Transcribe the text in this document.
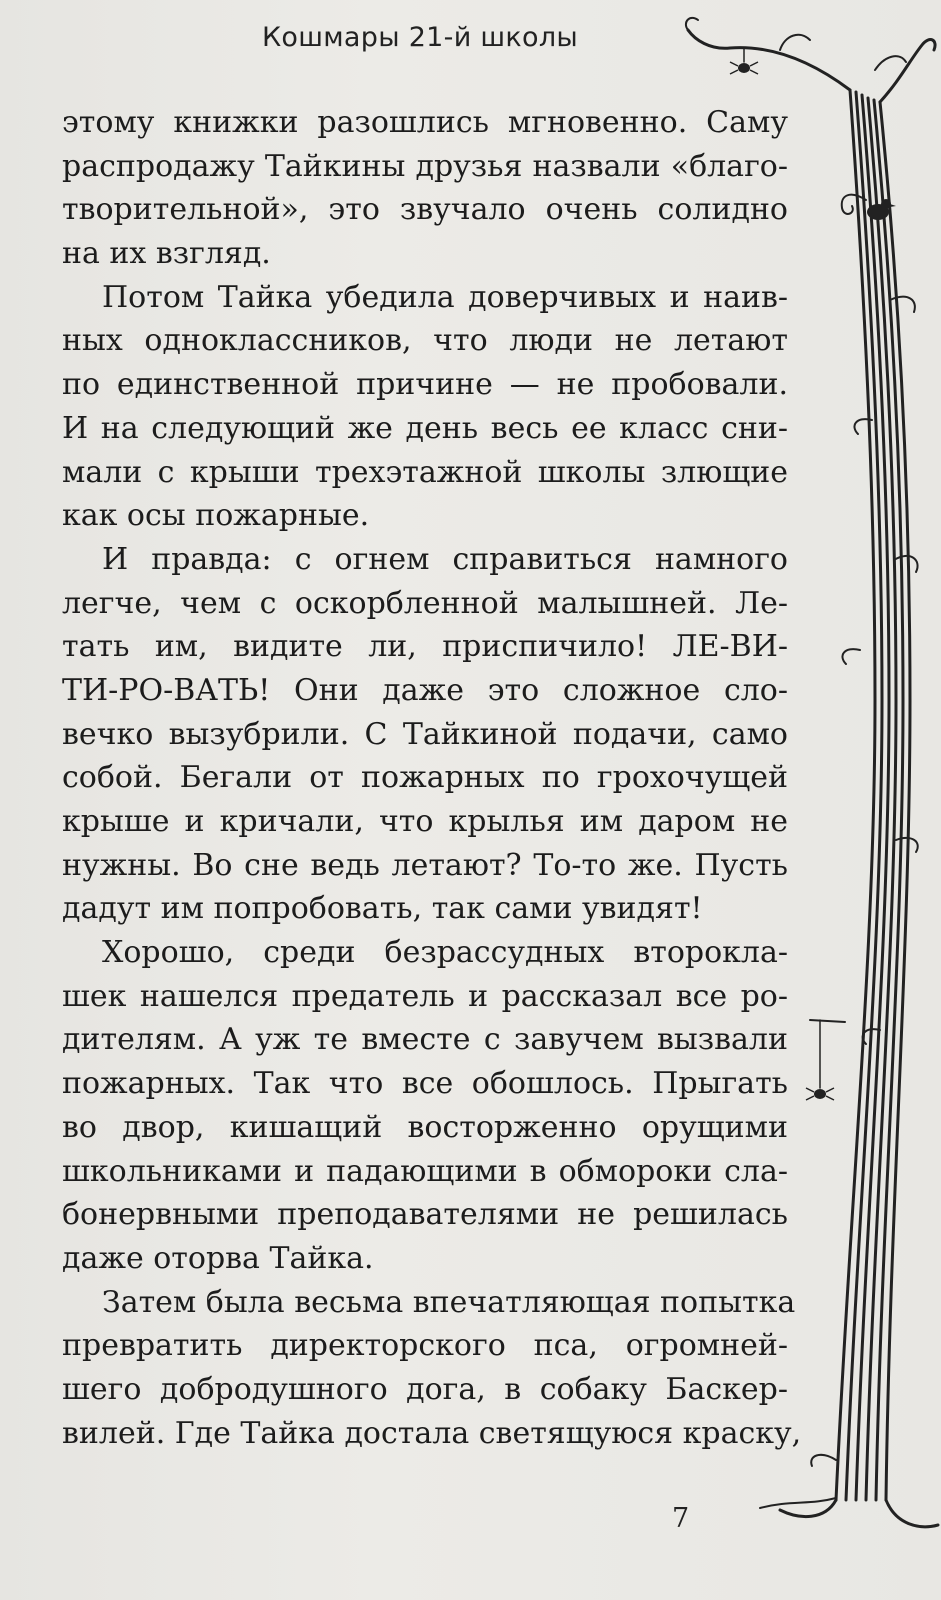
Кошмары 21-й школы
этому книжки разошлись мгновенно. Саму
распродажу Тайкины друзья назвали «благо-
творительной», это звучало очень солидно
на их взгляд.
Потом Тайка убедила доверчивых и наив-
ных одноклассников, что люди не летают
по единственной причине — не пробовали.
И на следующий же день весь ее класс сни-
мали с крыши трехэтажной школы злющие
как осы пожарные.
И правда: с огнем справиться намного
легче, чем с оскорбленной малышней. Ле-
тать им, видите ли, приспичило! ЛЕ-ВИ-
ТИ-РО-ВАТЬ! Они даже это сложное сло-
вечко вызубрили. С Тайкиной подачи, само
собой. Бегали от пожарных по грохочущей
крыше и кричали, что крылья им даром не
нужны. Во сне ведь летают? То-то же. Пусть
дадут им попробовать, так сами увидят!
Хорошо, среди безрассудных второкла-
шек нашелся предатель и рассказал все ро-
дителям. А уж те вместе с завучем вызвали
пожарных. Так что все обошлось. Прыгать
во двор, кишащий восторженно орущими
школьниками и падающими в обмороки сла-
бонервными преподавателями не решилась
даже оторва Тайка.
Затем была весьма впечатляющая попытка
превратить директорского пса, огромней-
шего добродушного дога, в собаку Баскер-
вилей. Где Тайка достала светящуюся краску,
7
